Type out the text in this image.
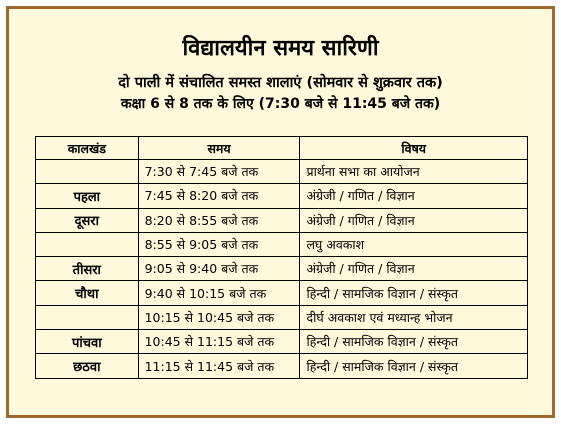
विद्यालयीन समय सारिणी
दो पाली में संचालित समस्त शालाएं (सोमवार से शुक्रवार तक)
कक्षा 6 से 8 तक के लिए (7:30 बजे से 11:45 बजे तक)
कालखंड	समय	विषय
	7:30 से 7:45 बजे तक	प्रार्थना सभा का आयोजन
पहला	7:45 से 8:20 बजे तक	अंग्रेजी / गणित / विज्ञान
दूसरा	8:20 से 8:55 बजे तक	अंग्रेजी / गणित / विज्ञान
	8:55 से 9:05 बजे तक	लघु अवकाश
तीसरा	9:05 से 9:40 बजे तक	अंग्रेजी / गणित / विज्ञान
चौथा	9:40 से 10:15 बजे तक	हिन्दी / सामजिक विज्ञान / संस्कृत
	10:15 से 10:45 बजे तक	दीर्घ अवकाश एवं मध्यान्ह भोजन
पांचवा	10:45 से 11:15 बजे तक	हिन्दी / सामजिक विज्ञान / संस्कृत
छठवा	11:15 से 11:45 बजे तक	हिन्दी / सामजिक विज्ञान / संस्कृत
